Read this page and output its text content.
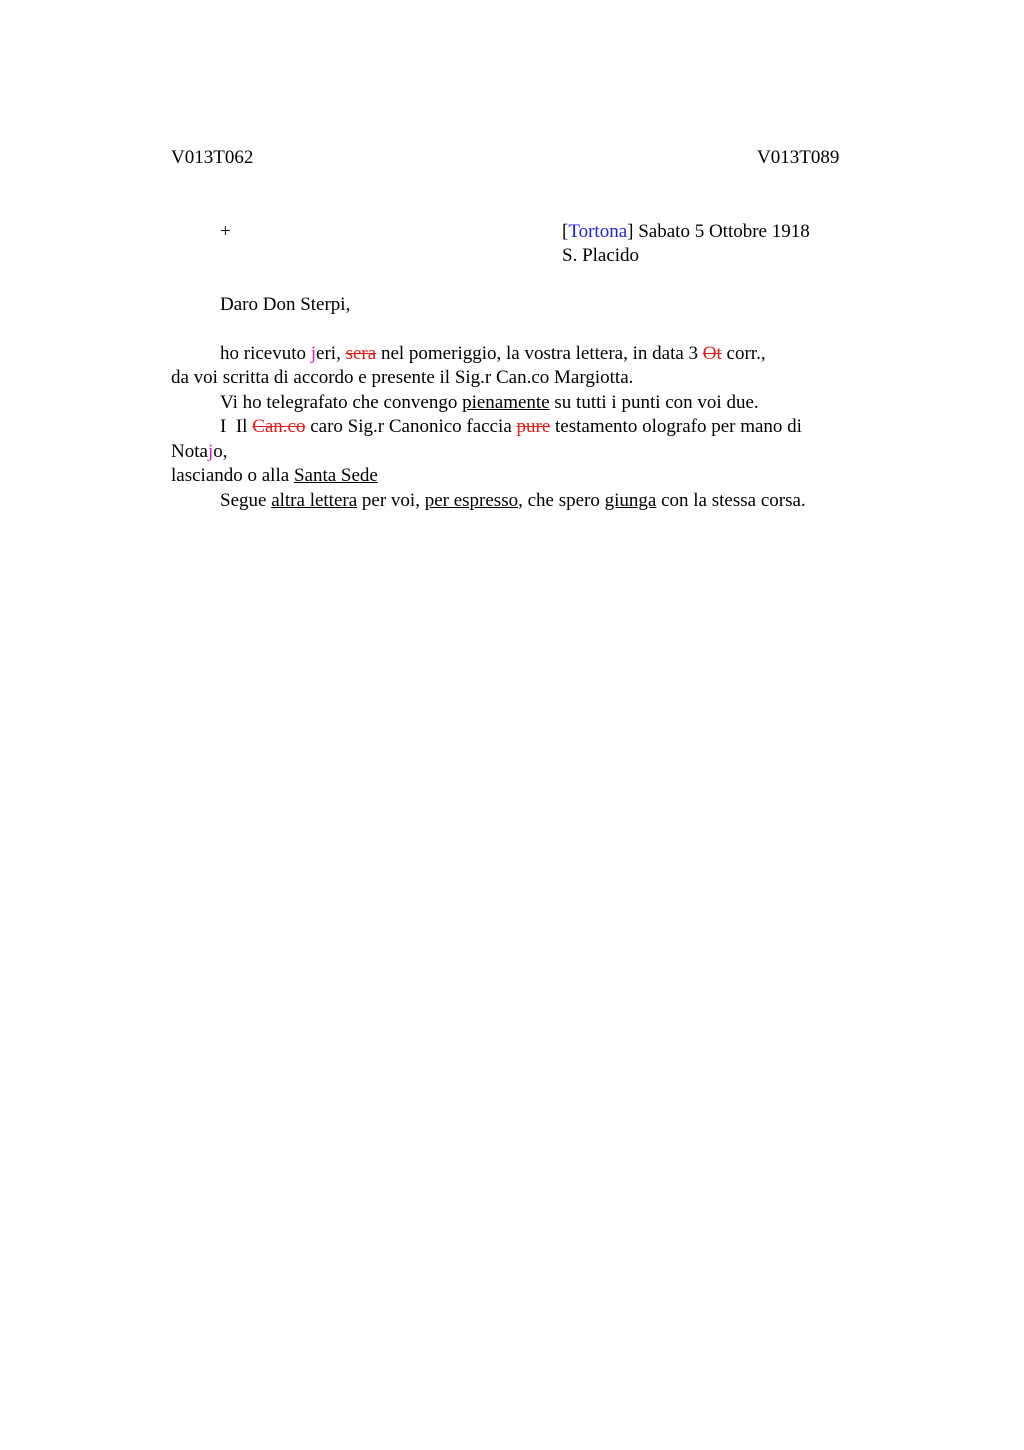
V013T062	V013T089
+	[Tortona] Sabato 5 Ottobre 1918
S. Placido
Daro Don Sterpi,
ho ricevuto jeri, sera nel pomeriggio, la vostra lettera, in data 3 Ot corr.,
da voi scritta di accordo e presente il Sig.r Can.co Margiotta.
Vi ho telegrafato che convengo pienamente su tutti i punti con voi due.
I  Il Can.co caro Sig.r Canonico faccia pure testamento olografo per mano di
Notajo,
lasciando o alla Santa Sede
Segue altra lettera per voi, per espresso, che spero giunga con la stessa corsa.
